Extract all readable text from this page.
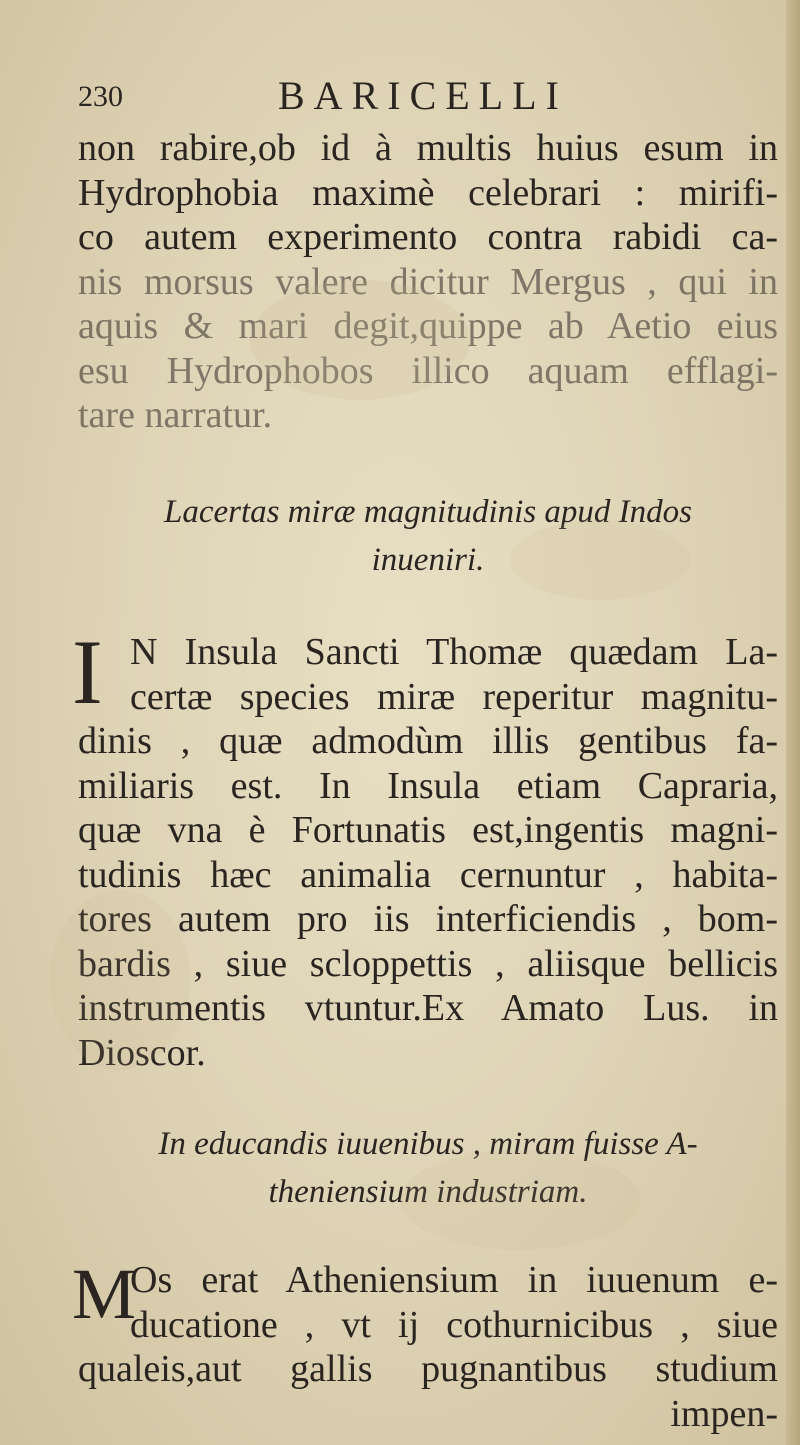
230	BARICELLI
non rabire,ob id à multis huius esum in
Hydrophobia maximè celebrari : mirifi-
co autem experimento contra rabidi ca-
nis morsus valere dicitur Mergus , qui in
aquis & mari degit,quippe ab Aetio eius
esu Hydrophobos illico aquam efflagi-
tare narratur.
Lacertas miræ magnitudinis apud Indos
inueniri.
I N Insula Sancti Thomæ quædam La-
certæ species miræ reperitur magnitu-
dinis , quæ admodùm illis gentibus fa-
miliaris est. In Insula etiam Capraria,
quæ vna è Fortunatis est,ingentis magni-
tudinis hæc animalia cernuntur , habita-
tores autem pro iis interficiendis , bom-
bardis , siue scloppettis , aliisque bellicis
instrumentis vtuntur.Ex Amato Lus. in
Dioscor.
In educandis iuuenibus , miram fuisse A-
theniensium industriam.
M
Os erat Atheniensium in iuuenum e-
ducatione , vt ij cothurnicibus , siue
qualeis,aut gallis pugnantibus studium
impen-
